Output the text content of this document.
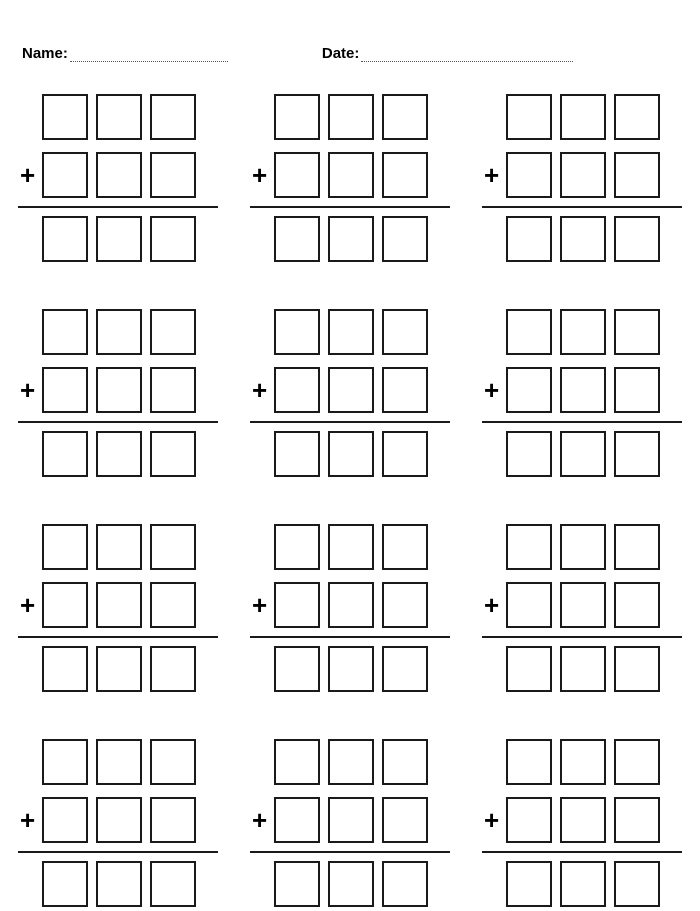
Name:	Date:
+	+	+
+	+	+
+	+	+
+	+	+
